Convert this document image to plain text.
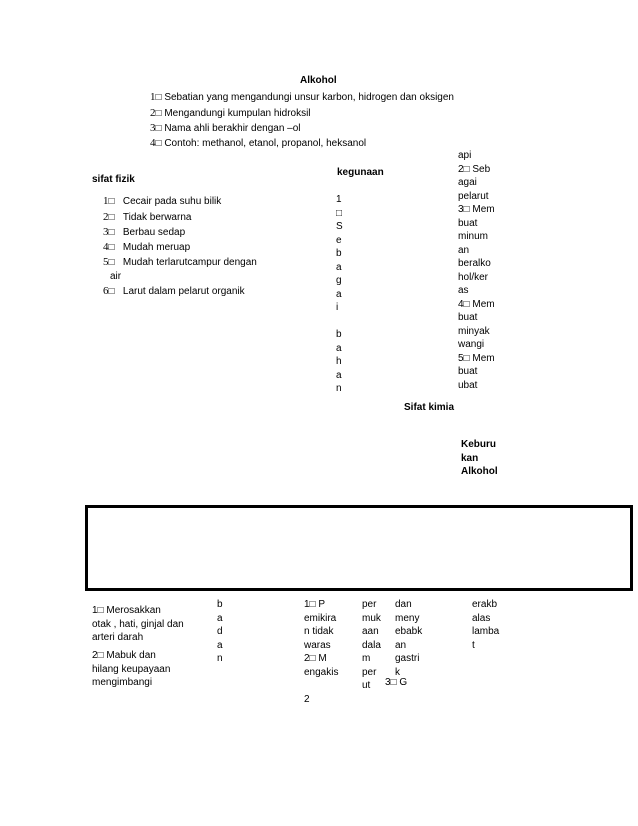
Alkohol
1□ Sebatian yang mengandungi unsur karbon, hidrogen dan oksigen
2□ Mengandungi kumpulan hidroksil
3□ Nama ahli berakhir dengan –ol
4□ Contoh: methanol, etanol, propanol, heksanol
sifat fizik
1□ Cecair pada suhu bilik
2□ Tidak berwarna
3□ Berbau sedap
4□ Mudah meruap
5□ Mudah terlarutcampur dengan
air
6□ Larut dalam pelarut organik
kegunaan
1
□
S
e
b
a
g
a
i
b
a
h
a
n
api
2□ Seb
agai
pelarut
3□ Mem
buat
minum
an
beralko
hol/ker
as
4□ Mem
buat
minyak
wangi
5□ Mem
buat
ubat
Sifat kimia
Keburu
kan
Alkohol
1□ Merosakkan
otak , hati, ginjal dan
arteri darah
2□ Mabuk dan
hilang keupayaan
mengimbangi
b
a
d
a
n
1□ P
emikira
n tidak
waras
2□ M
engakis
2
per
muk
aan
dala
m
per
ut
dan
meny
ebabk
an
gastri
k
3□ G
erakb
alas
lamba
t
